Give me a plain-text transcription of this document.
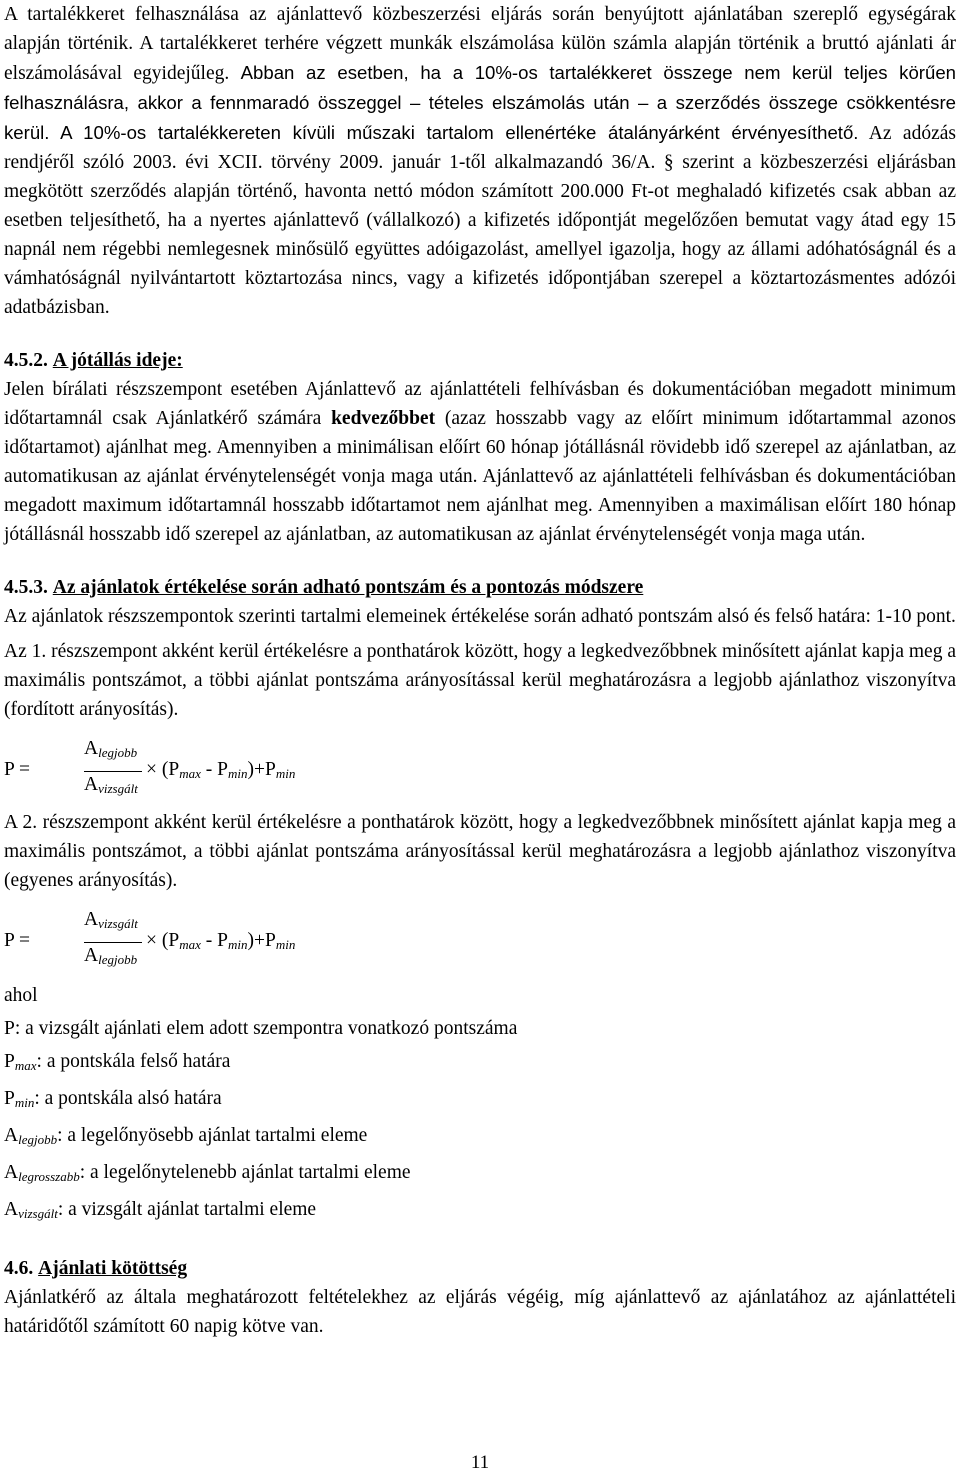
A tartalékkeret felhasználása az ajánlattevő közbeszerzési eljárás során benyújtott ajánlatában szereplő egységárak alapján történik. A tartalékkeret terhére végzett munkák elszámolása külön számla alapján történik a bruttó ajánlati ár elszámolásával egyidejűleg. Abban az esetben, ha a 10%-os tartalékkeret összege nem kerül teljes körűen felhasználásra, akkor a fennmaradó összeggel – tételes elszámolás után – a szerződés összege csökkentésre kerül. A 10%-os tartalékkereten kívüli műszaki tartalom ellenértéke átalányárként érvényesíthető. Az adózás rendjéről szóló 2003. évi XCII. törvény 2009. január 1-től alkalmazandó 36/A. § szerint a közbeszerzési eljárásban megkötött szerződés alapján történő, havonta nettó módon számított 200.000 Ft-ot meghaladó kifizetés csak abban az esetben teljesíthető, ha a nyertes ajánlattevő (vállalkozó) a kifizetés időpontját megelőzően bemutat vagy átad egy 15 napnál nem régebbi nemlegesnek minősülő együttes adóigazolást, amellyel igazolja, hogy az állami adóhatóságnál és a vámhatóságnál nyilvántartott köztartozása nincs, vagy a kifizetés időpontjában szerepel a köztartozásmentes adózói adatbázisban.

4.5.2. A jótállás ideje:

Jelen bírálati részszempont esetében Ajánlattevő az ajánlattételi felhívásban és dokumentációban megadott minimum időtartamnál csak Ajánlatkérő számára kedvezőbbet (azaz hosszabb vagy az előírt minimum időtartammal azonos időtartamot) ajánlhat meg. Amennyiben a minimálisan előírt 60 hónap jótállásnál rövidebb idő szerepel az ajánlatban, az automatikusan az ajánlat érvénytelenségét vonja maga után. Ajánlattevő az ajánlattételi felhívásban és dokumentációban megadott maximum időtartamnál hosszabb időtartamot nem ajánlhat meg. Amennyiben a maximálisan előírt 180 hónap jótállásnál hosszabb idő szerepel az ajánlatban, az automatikusan az ajánlat érvénytelenségét vonja maga után.

4.5.3. Az ajánlatok értékelése során adható pontszám és a pontozás módszere

Az ajánlatok részszempontok szerinti tartalmi elemeinek értékelése során adható pontszám alsó és felső határa: 1-10 pont.

Az 1. részszempont akként kerül értékelésre a ponthatárok között, hogy a legkedvezőbbnek minősített ajánlat kapja meg a maximális pontszámot, a többi ajánlat pontszáma arányosítással kerül meghatározásra a legjobb ajánlathoz viszonyítva (fordított arányosítás).

P =
$A_{legjobb}$
$A_{vizsgált}$
× $(P_{max} - P_{min})+P_{min}$

A 2. részszempont akként kerül értékelésre a ponthatárok között, hogy a legkedvezőbbnek minősített ajánlat kapja meg a maximális pontszámot, a többi ajánlat pontszáma arányosítással kerül meghatározásra a legjobb ajánlathoz viszonyítva (egyenes arányosítás).

P =
$A_{vizsgált}$
$A_{legjobb}$
× $(P_{max} - P_{min})+P_{min}$

ahol

P: a vizsgált ajánlati elem adott szempontra vonatkozó pontszáma

Pmax: a pontskála felső határa

Pmin: a pontskála alsó határa

Alegjobb: a legelőnyösebb ajánlat tartalmi eleme

Alegrosszabb: a legelőnytelenebb ajánlat tartalmi eleme

Avizsgált: a vizsgált ajánlat tartalmi eleme

4.6. Ajánlati kötöttség

Ajánlatkérő az általa meghatározott feltételekhez az eljárás végéig, míg ajánlattevő az ajánlatához az ajánlattételi határidőtől számított 60 napig kötve van.

11
